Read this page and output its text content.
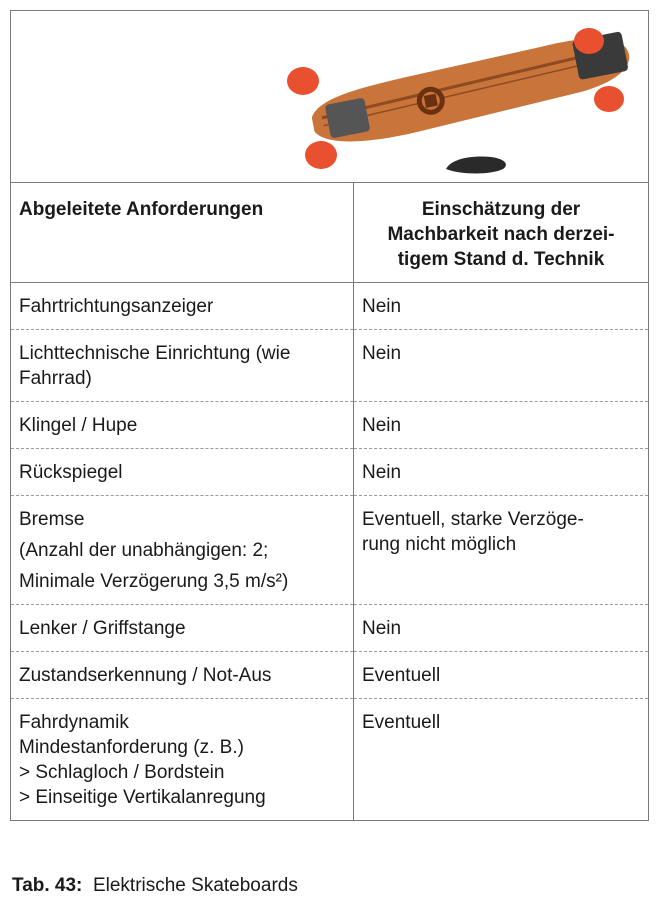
Abgeleitete Anforderungen	Einschätzung der
Machbarkeit nach derzei-
tigem Stand d. Technik

Fahrtrichtungsanzeiger	Nein

Lichttechnische Einrichtung (wie
Fahrrad)	Nein

Klingel / Hupe	Nein

Rückspiegel	Nein

Bremse
(Anzahl der unabhängigen: 2;
Minimale Verzögerung 3,5 m/s²)	Eventuell, starke Verzöge-
rung nicht möglich

Lenker / Griffstange	Nein

Zustandserkennung / Not-Aus	Eventuell

Fahrdynamik
Mindestanforderung (z. B.)
> Schlagloch / Bordstein
> Einseitige Vertikalanregung	Eventuell
Tab. 43: Elektrische Skateboards
